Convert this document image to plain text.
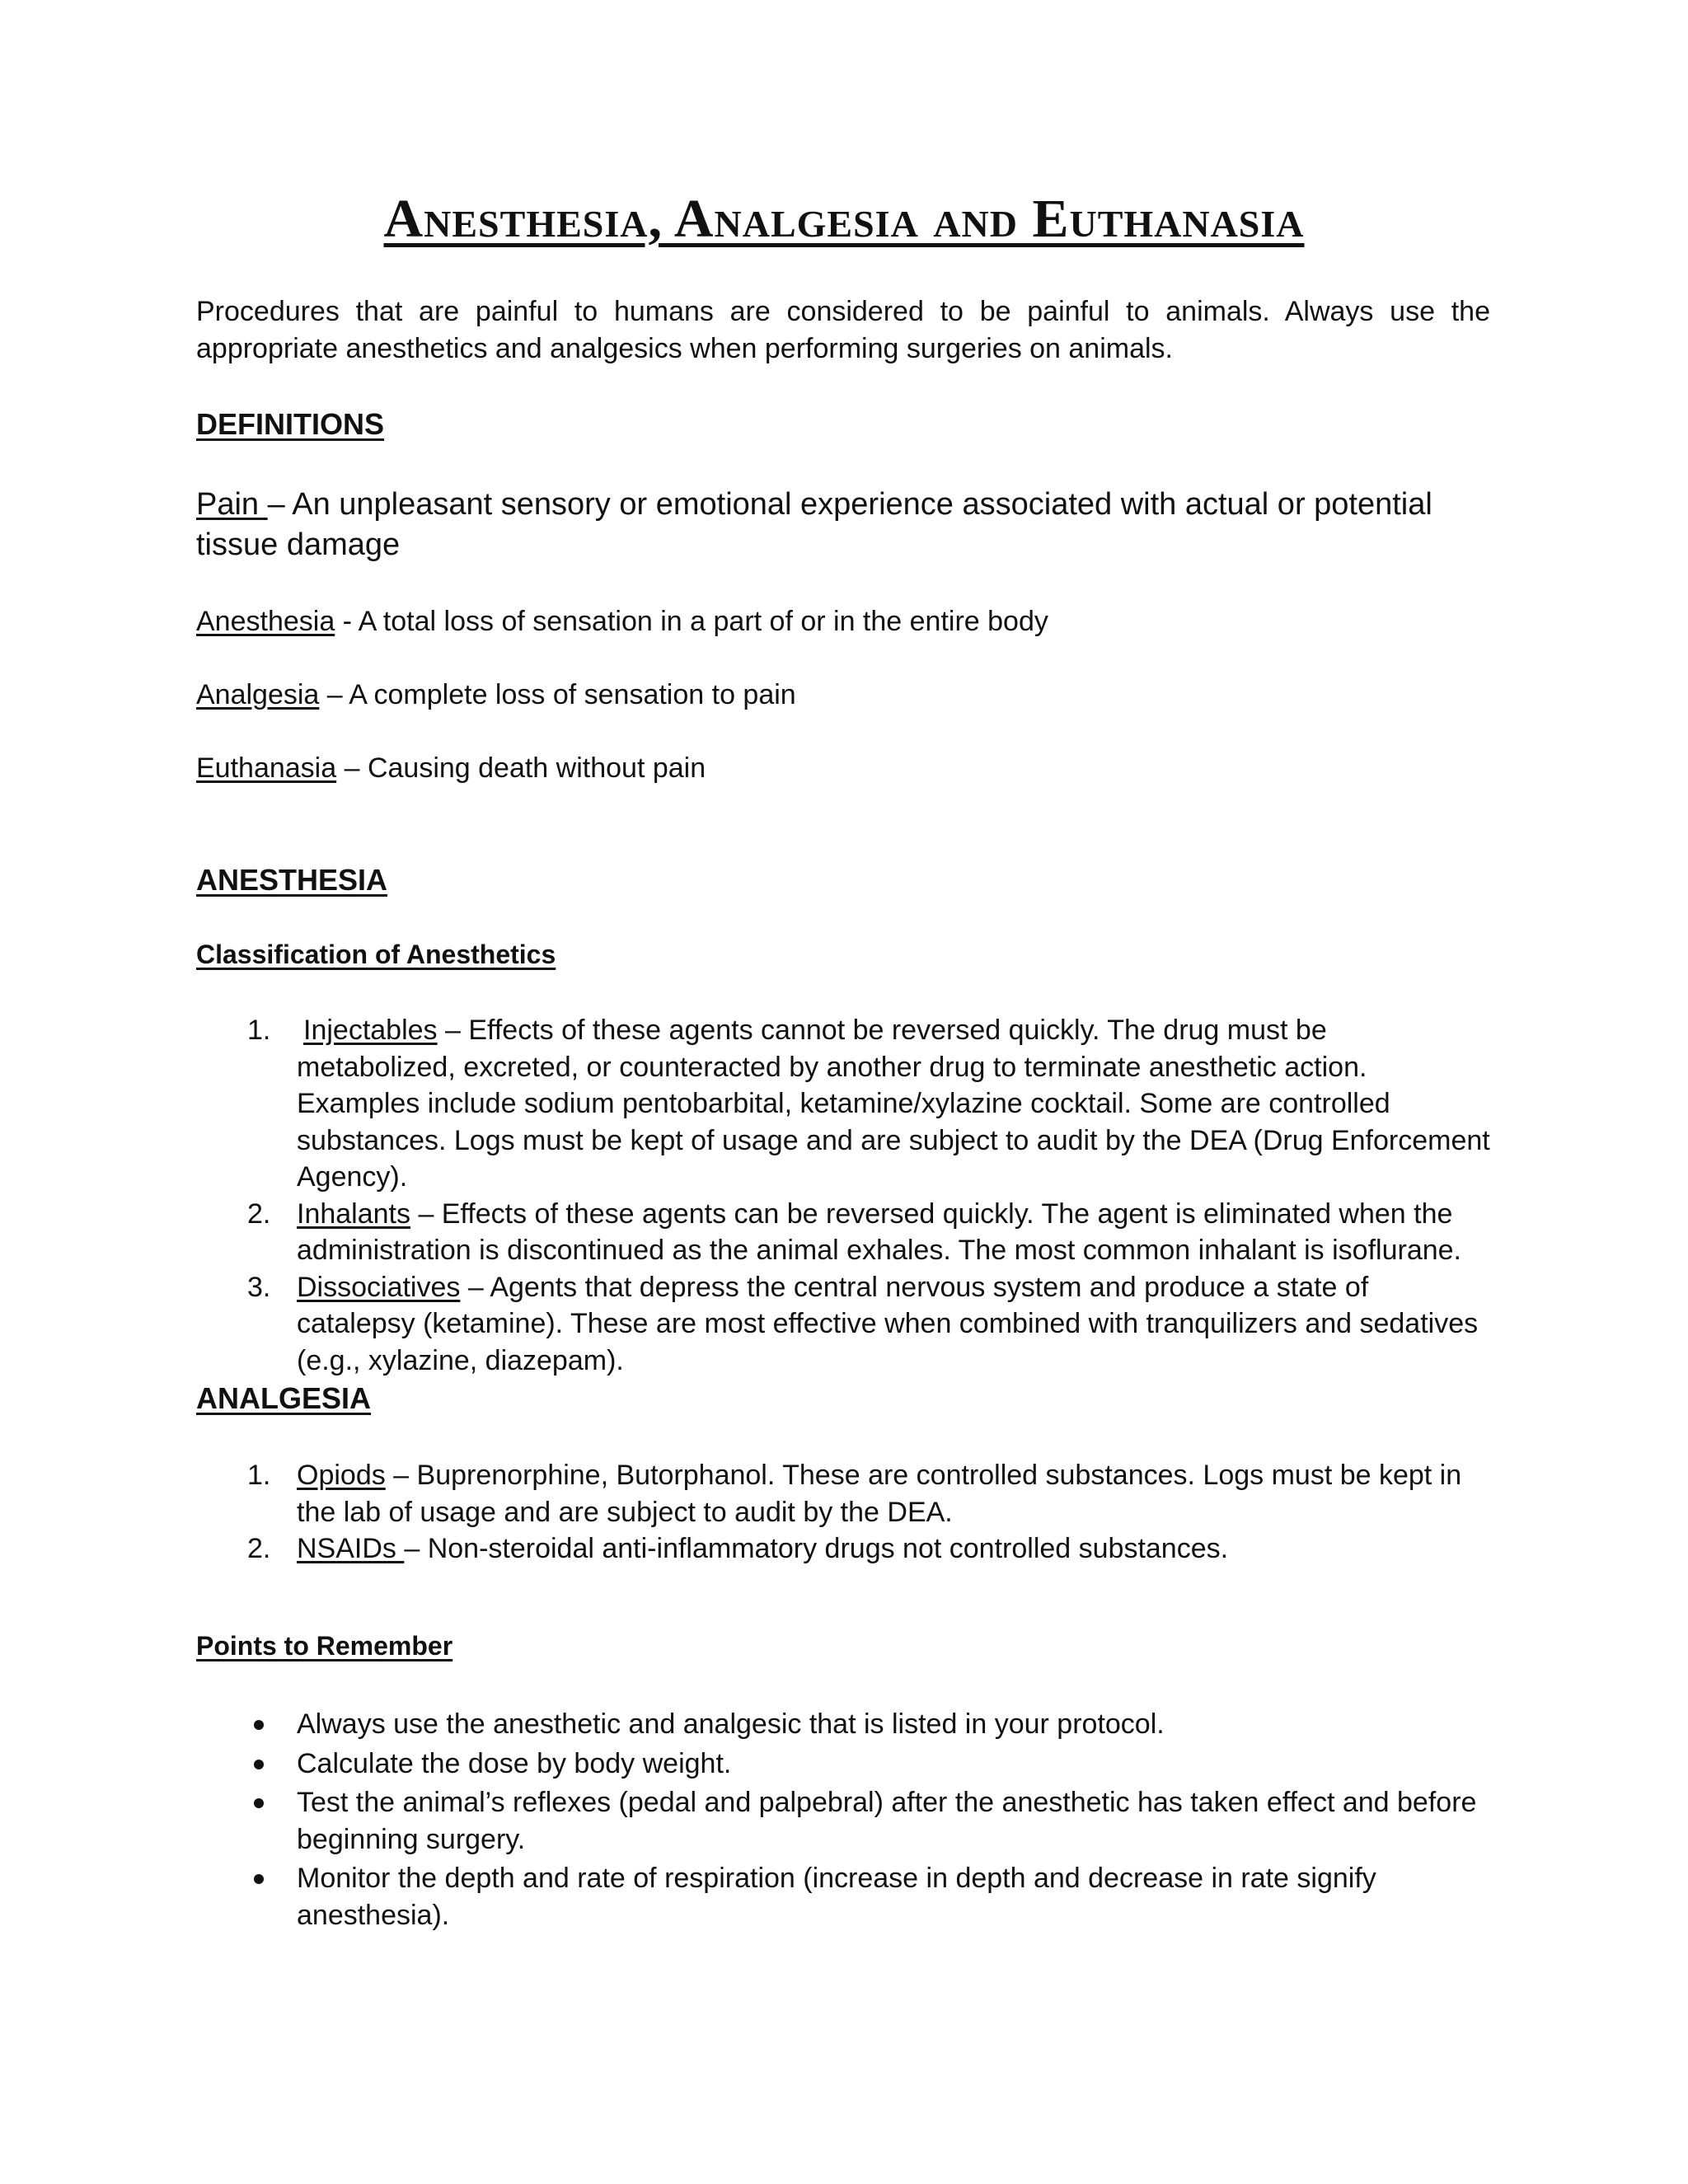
Anesthesia, Analgesia and Euthanasia

Procedures that are painful to humans are considered to be painful to animals. Always use the appropriate anesthetics and analgesics when performing surgeries on animals.

DEFINITIONS

Pain – An unpleasant sensory or emotional experience associated with actual or potential tissue damage

Anesthesia - A total loss of sensation in a part of or in the entire body

Analgesia – A complete loss of sensation to pain

Euthanasia – Causing death without pain

ANESTHESIA
Classification of Anesthetics
1. Injectables – Effects of these agents cannot be reversed quickly. The drug must be metabolized, excreted, or counteracted by another drug to terminate anesthetic action. Examples include sodium pentobarbital, ketamine/xylazine cocktail. Some are controlled substances. Logs must be kept of usage and are subject to audit by the DEA (Drug Enforcement Agency).
2. Inhalants – Effects of these agents can be reversed quickly. The agent is eliminated when the administration is discontinued as the animal exhales. The most common inhalant is isoflurane.
3. Dissociatives – Agents that depress the central nervous system and produce a state of catalepsy (ketamine). These are most effective when combined with tranquilizers and sedatives (e.g., xylazine, diazepam).
ANALGESIA
1. Opiods – Buprenorphine, Butorphanol. These are controlled substances. Logs must be kept in the lab of usage and are subject to audit by the DEA.
2. NSAIDs – Non-steroidal anti-inflammatory drugs not controlled substances.
Points to Remember
Always use the anesthetic and analgesic that is listed in your protocol.
Calculate the dose by body weight.
Test the animal’s reflexes (pedal and palpebral) after the anesthetic has taken effect and before beginning surgery.
Monitor the depth and rate of respiration (increase in depth and decrease in rate signify anesthesia).
